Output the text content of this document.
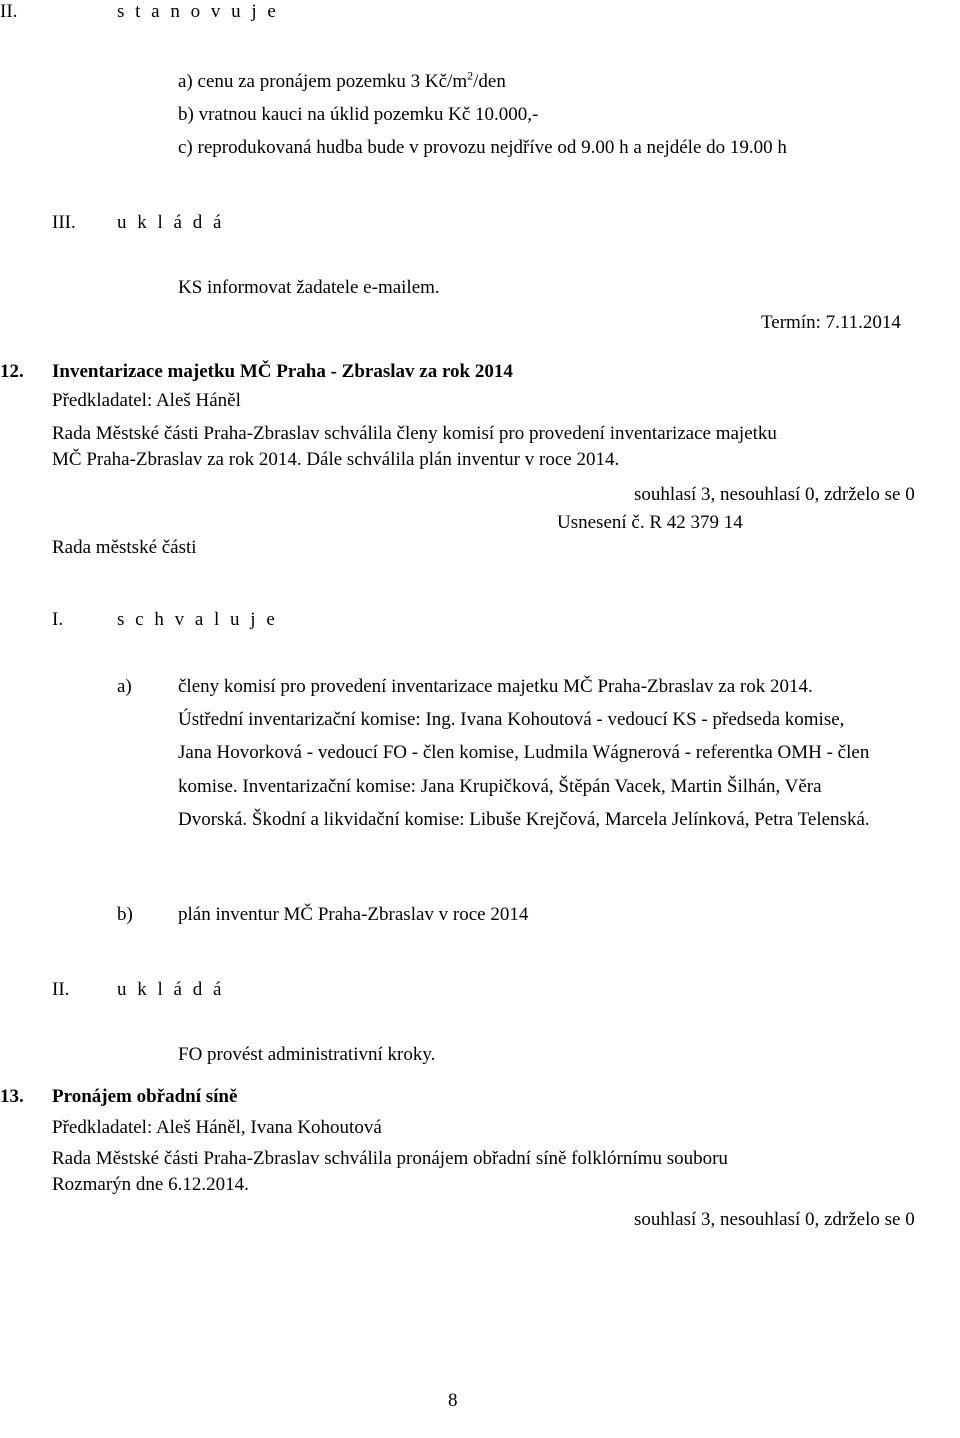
II.	s t a n o v u j e
a) cenu za pronájem pozemku 3 $Kč/m^2$/den
b) vratnou kauci na úklid pozemku Kč 10.000,-
c) reprodukovaná hudba bude v provozu nejdříve od 9.00 h a nejdéle do 19.00 h
III. u k l á d á
KS informovat žadatele e-mailem.
Termín: 7.11.2014
12. Inventarizace majetku MČ Praha - Zbraslav za rok 2014
Předkladatel: Aleš Háněl
Rada Městské části Praha-Zbraslav schválila členy komisí pro provedení inventarizace majetku
MČ Praha-Zbraslav za rok 2014. Dále schválila plán inventur v roce 2014.
souhlasí 3, nesouhlasí 0, zdrželo se 0
Usnesení č. R 42 379 14
Rada městské části
I.	s c h v a l u j e
a) členy komisí pro provedení inventarizace majetku MČ Praha-Zbraslav za rok 2014. Ústřední inventarizační komise: Ing. Ivana Kohoutová - vedoucí KS - předseda komise, Jana Hovorková - vedoucí FO - člen komise, Ludmila Wágnerová - referentka OMH - člen komise. Inventarizační komise: Jana Krupičková, Štěpán Vacek, Martin Šilhán, Věra Dvorská. Škodní a likvidační komise: Libuše Krejčová, Marcela Jelínková, Petra Telenská.
b) plán inventur MČ Praha-Zbraslav v roce 2014
II.	u k l á d á
FO provést administrativní kroky.
13. Pronájem obřadní síně
Předkladatel: Aleš Háněl, Ivana Kohoutová
Rada Městské části Praha-Zbraslav schválila pronájem obřadní síně folklórnímu souboru
Rozmarýn dne 6.12.2014.
souhlasí 3, nesouhlasí 0, zdrželo se 0
8
